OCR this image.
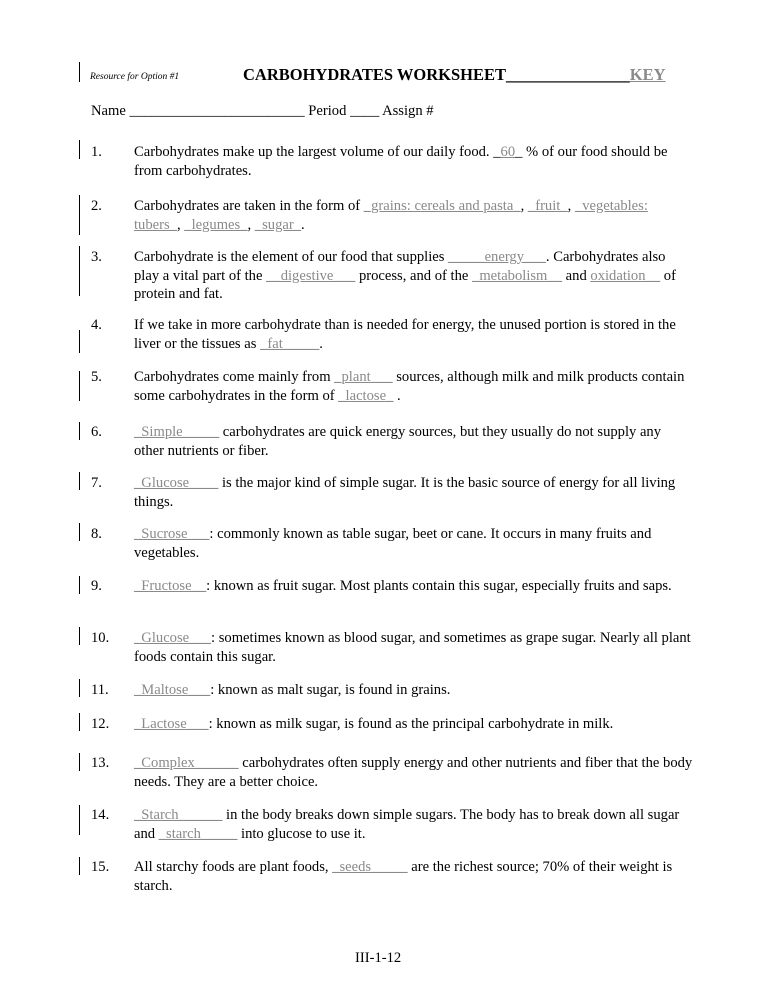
Resource for Option #1	CARBOHYDRATES WORKSHEET_______________KEY
Name ________________________ Period ____ Assign #
1. Carbohydrates make up the largest volume of our daily food. _60_ % of our food should be from carbohydrates.
2. Carbohydrates are taken in the form of _grains: cereals and pasta_, _fruit_, _vegetables: tubers_, _legumes_, _sugar_.
3. Carbohydrate is the element of our food that supplies _____energy___. Carbohydrates also play a vital part of the __digestive___ process, and of the _metabolism__ and oxidation__ of protein and fat.
4. If we take in more carbohydrate than is needed for energy, the unused portion is stored in the liver or the tissues as _fat_____.
5. Carbohydrates come mainly from _plant___ sources, although milk and milk products contain some carbohydrates in the form of _lactose_ .
6. _Simple_____ carbohydrates are quick energy sources, but they usually do not supply any other nutrients or fiber.
7. _Glucose____ is the major kind of simple sugar. It is the basic source of energy for all living things.
8. _Sucrose___: commonly known as table sugar, beet or cane. It occurs in many fruits and vegetables.
9. _Fructose__: known as fruit sugar. Most plants contain this sugar, especially fruits and saps.
10. _Glucose___: sometimes known as blood sugar, and sometimes as grape sugar. Nearly all plant foods contain this sugar.
11. _Maltose___: known as malt sugar, is found in grains.
12. _Lactose___: known as milk sugar, is found as the principal carbohydrate in milk.
13. _Complex______ carbohydrates often supply energy and other nutrients and fiber that the body needs. They are a better choice.
14. _Starch______ in the body breaks down simple sugars. The body has to break down all sugar and _starch_____ into glucose to use it.
15. All starchy foods are plant foods, _seeds_____ are the richest source; 70% of their weight is starch.
III-1-12
